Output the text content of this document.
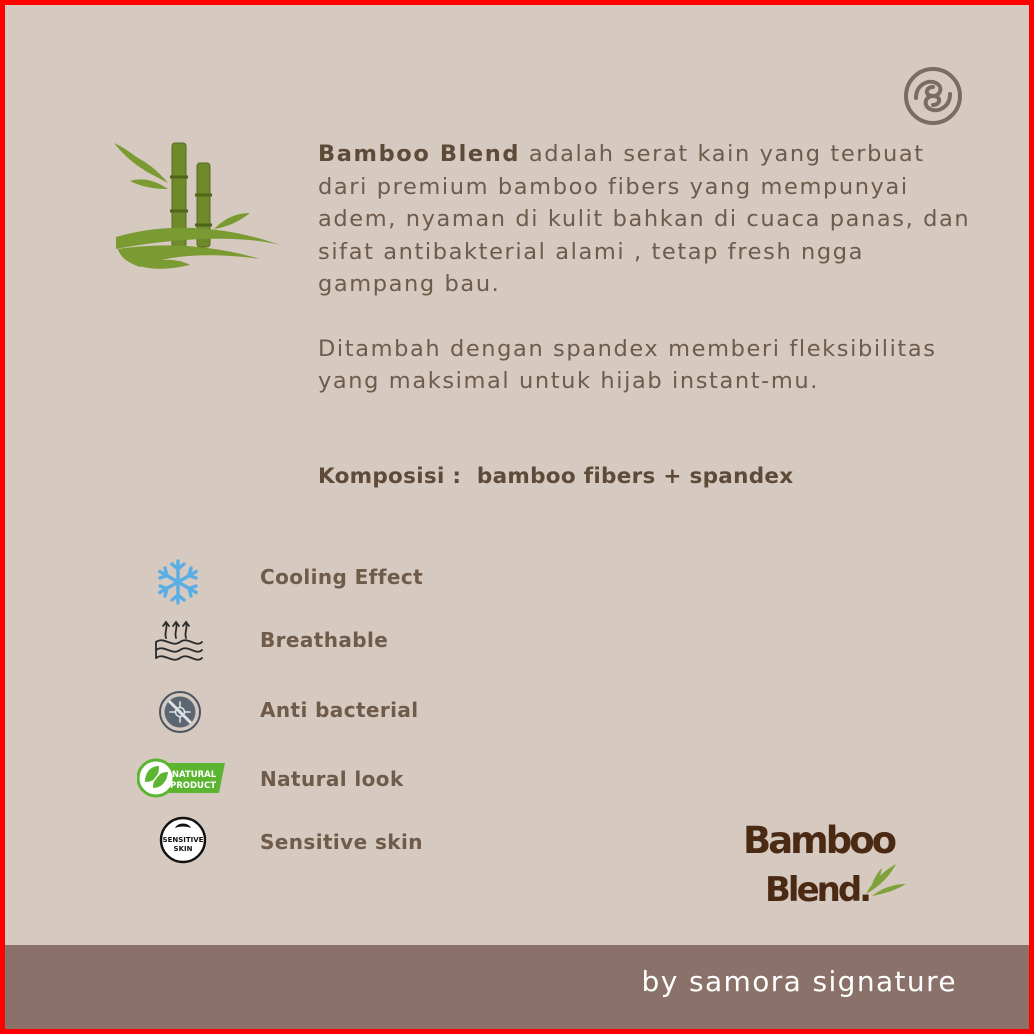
Bamboo Blend adalah serat kain yang terbuat dari premium bamboo fibers yang mempunyai adem, nyaman di kulit bahkan di cuaca panas, dan sifat antibakterial alami , tetap fresh ngga gampang bau.

Ditambah dengan spandex memberi fleksibilitas yang maksimal untuk hijab instant-mu.

Komposisi :  bamboo fibers + spandex
Cooling Effect
Breathable
Anti bacterial
NATURAL
PRODUCT Natural look
SENSITIVE
SKIN	Sensitive skin	Bamboo
Blend.
by samora signature
